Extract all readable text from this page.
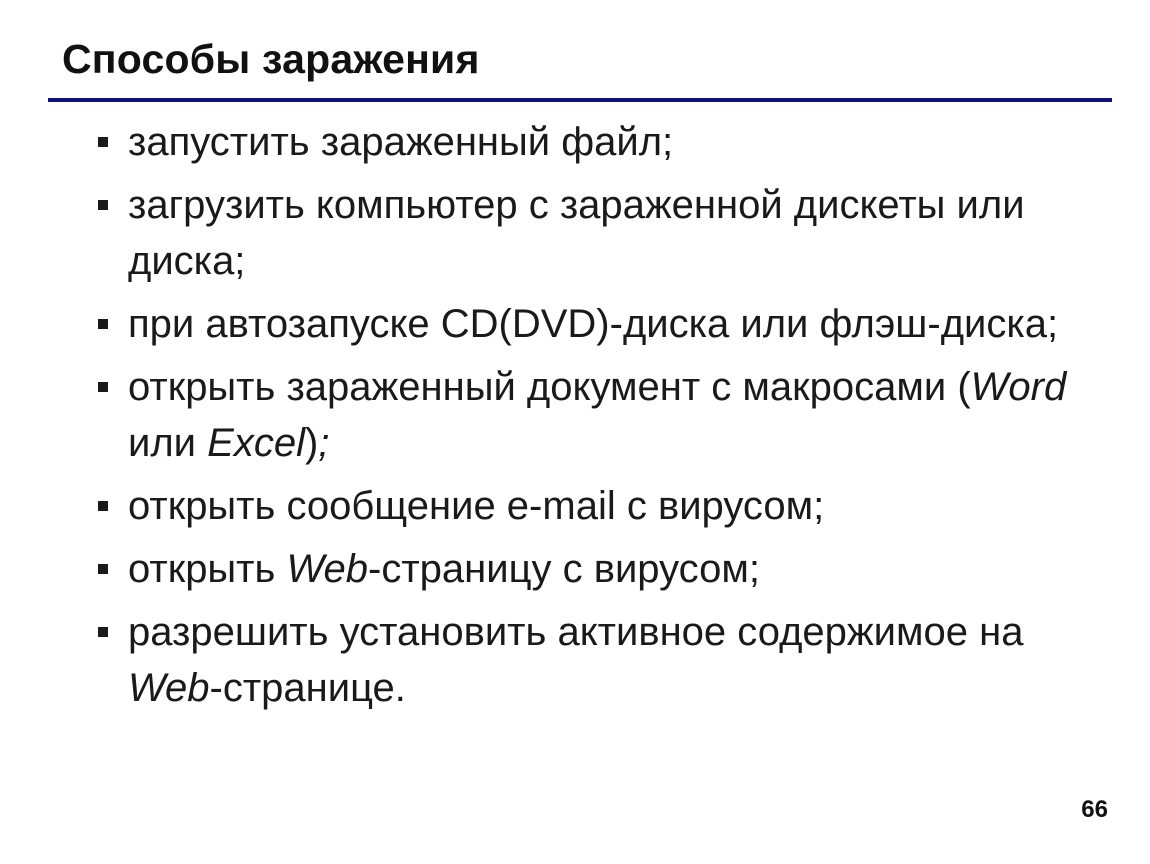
Способы заражения
запустить зараженный файл;
загрузить компьютер с зараженной дискеты или диска;
при автозапуске CD(DVD)-диска или флэш-диска;
открыть зараженный документ с макросами (Word или Excel);
открыть сообщение e-mail с вирусом;
открыть Web-страницу с вирусом;
разрешить установить активное содержимое на Web-странице.
66
